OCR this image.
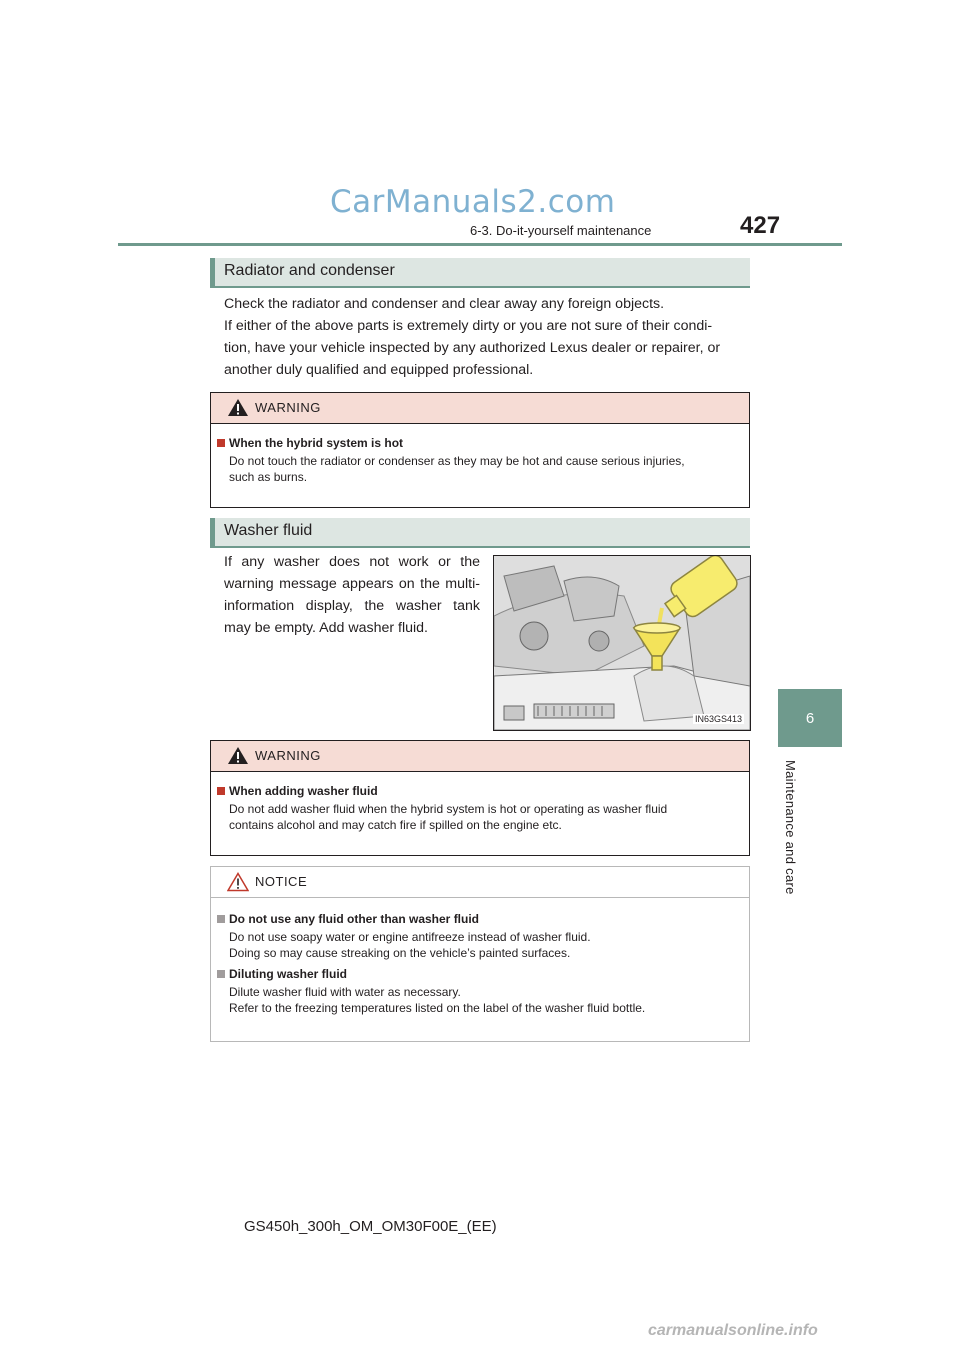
CarManuals2.com
6-3. Do-it-yourself maintenance	427
6
Maintenance and care
Radiator and condenser
Check the radiator and condenser and clear away any foreign objects.
If either of the above parts is extremely dirty or you are not sure of their condi-
tion, have your vehicle inspected by any authorized Lexus dealer or repairer, or
another duly qualified and equipped professional.
WARNING
When the hybrid system is hot
Do not touch the radiator or condenser as they may be hot and cause serious injuries,
such as burns.
Washer fluid
If any washer does not work or the
warning message appears on the multi-
information display, the washer tank
may be empty. Add washer fluid.
IN63GS413
WARNING
When adding washer fluid
Do not add washer fluid when the hybrid system is hot or operating as washer fluid
contains alcohol and may catch fire if spilled on the engine etc.
NOTICE
Do not use any fluid other than washer fluid
Do not use soapy water or engine antifreeze instead of washer fluid.
Doing so may cause streaking on the vehicle’s painted surfaces.
Diluting washer fluid
Dilute washer fluid with water as necessary.
Refer to the freezing temperatures listed on the label of the washer fluid bottle.
GS450h_300h_OM_OM30F00E_(EE)
carmanualsonline.info
